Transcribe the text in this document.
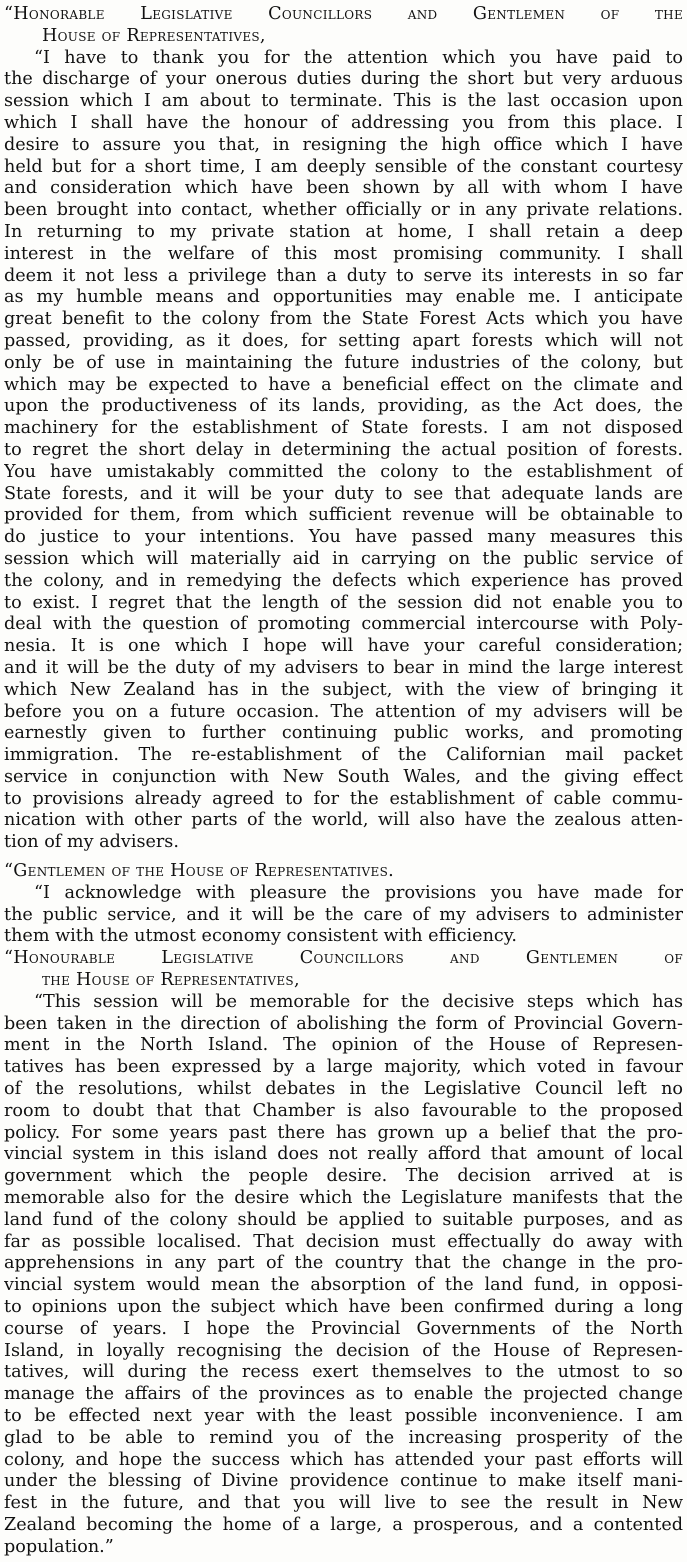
“Honorable Legislative Councillors and Gentlemen of the
House of Representatives,
“I have to thank you for the attention which you have paid to
the discharge of your onerous duties during the short but very arduous
session which I am about to terminate. This is the last occasion upon
which I shall have the honour of addressing you from this place. I
desire to assure you that, in resigning the high office which I have
held but for a short time, I am deeply sensible of the constant courtesy
and consideration which have been shown by all with whom I have
been brought into contact, whether officially or in any private relations.
In returning to my private station at home, I shall retain a deep
interest in the welfare of this most promising community. I shall
deem it not less a privilege than a duty to serve its interests in so far
as my humble means and opportunities may enable me. I anticipate
great benefit to the colony from the State Forest Acts which you have
passed, providing, as it does, for setting apart forests which will not
only be of use in maintaining the future industries of the colony, but
which may be expected to have a beneficial effect on the climate and
upon the productiveness of its lands, providing, as the Act does, the
machinery for the establishment of State forests. I am not disposed
to regret the short delay in determining the actual position of forests.
You have umistakably committed the colony to the establishment of
State forests, and it will be your duty to see that adequate lands are
provided for them, from which sufficient revenue will be obtainable to
do justice to your intentions. You have passed many measures this
session which will materially aid in carrying on the public service of
the colony, and in remedying the defects which experience has proved
to exist. I regret that the length of the session did not enable you to
deal with the question of promoting commercial intercourse with Poly-
nesia. It is one which I hope will have your careful consideration;
and it will be the duty of my advisers to bear in mind the large interest
which New Zealand has in the subject, with the view of bringing it
before you on a future occasion. The attention of my advisers will be
earnestly given to further continuing public works, and promoting
immigration. The re-establishment of the Californian mail packet
service in conjunction with New South Wales, and the giving effect
to provisions already agreed to for the establishment of cable commu-
nication with other parts of the world, will also have the zealous atten-
tion of my advisers.
“Gentlemen of the House of Representatives.
“I acknowledge with pleasure the provisions you have made for
the public service, and it will be the care of my advisers to administer
them with the utmost economy consistent with efficiency.
“Honourable Legislative Councillors and Gentlemen of
the House of Representatives,
“This session will be memorable for the decisive steps which has
been taken in the direction of abolishing the form of Provincial Govern-
ment in the North Island. The opinion of the House of Represen-
tatives has been expressed by a large majority, which voted in favour
of the resolutions, whilst debates in the Legislative Council left no
room to doubt that that Chamber is also favourable to the proposed
policy. For some years past there has grown up a belief that the pro-
vincial system in this island does not really afford that amount of local
government which the people desire. The decision arrived at is
memorable also for the desire which the Legislature manifests that the
land fund of the colony should be applied to suitable purposes, and as
far as possible localised. That decision must effectually do away with
apprehensions in any part of the country that the change in the pro-
vincial system would mean the absorption of the land fund, in opposi-
to opinions upon the subject which have been confirmed during a long
course of years. I hope the Provincial Governments of the North
Island, in loyally recognising the decision of the House of Represen-
tatives, will during the recess exert themselves to the utmost to so
manage the affairs of the provinces as to enable the projected change
to be effected next year with the least possible inconvenience. I am
glad to be able to remind you of the increasing prosperity of the
colony, and hope the success which has attended your past efforts will
under the blessing of Divine providence continue to make itself mani-
fest in the future, and that you will live to see the result in New
Zealand becoming the home of a large, a prosperous, and a contented
population.”
